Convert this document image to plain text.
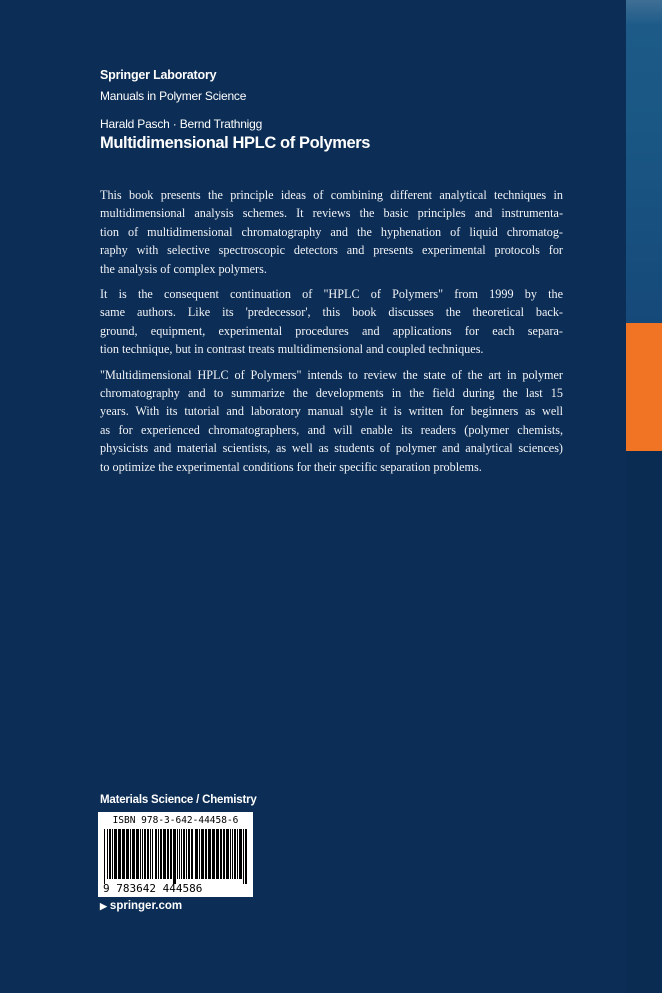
Springer Laboratory
Manuals in Polymer Science
Harald Pasch · Bernd Trathnigg
Multidimensional HPLC of Polymers
This book presents the principle ideas of combining different analytical techniques in
multidimensional analysis schemes. It reviews the basic principles and instrumenta-
tion of multidimensional chromatography and the hyphenation of liquid chromatog-
raphy with selective spectroscopic detectors and presents experimental protocols for
the analysis of complex polymers.
It is the consequent continuation of "HPLC of Polymers" from 1999 by the
same authors. Like its 'predecessor', this book discusses the theoretical back-
ground, equipment, experimental procedures and applications for each separa-
tion technique, but in contrast treats multidimensional and coupled techniques.
"Multidimensional HPLC of Polymers" intends to review the state of the art in polymer
chromatography and to summarize the developments in the field during the last 15
years. With its tutorial and laboratory manual style it is written for beginners as well
as for experienced chromatographers, and will enable its readers (polymer chemists,
physicists and material scientists, as well as students of polymer and analytical sciences)
to optimize the experimental conditions for their specific separation problems.
Materials Science / Chemistry
ISBN 978-3-642-44458-6
9 783642 444586
▶ springer.com
